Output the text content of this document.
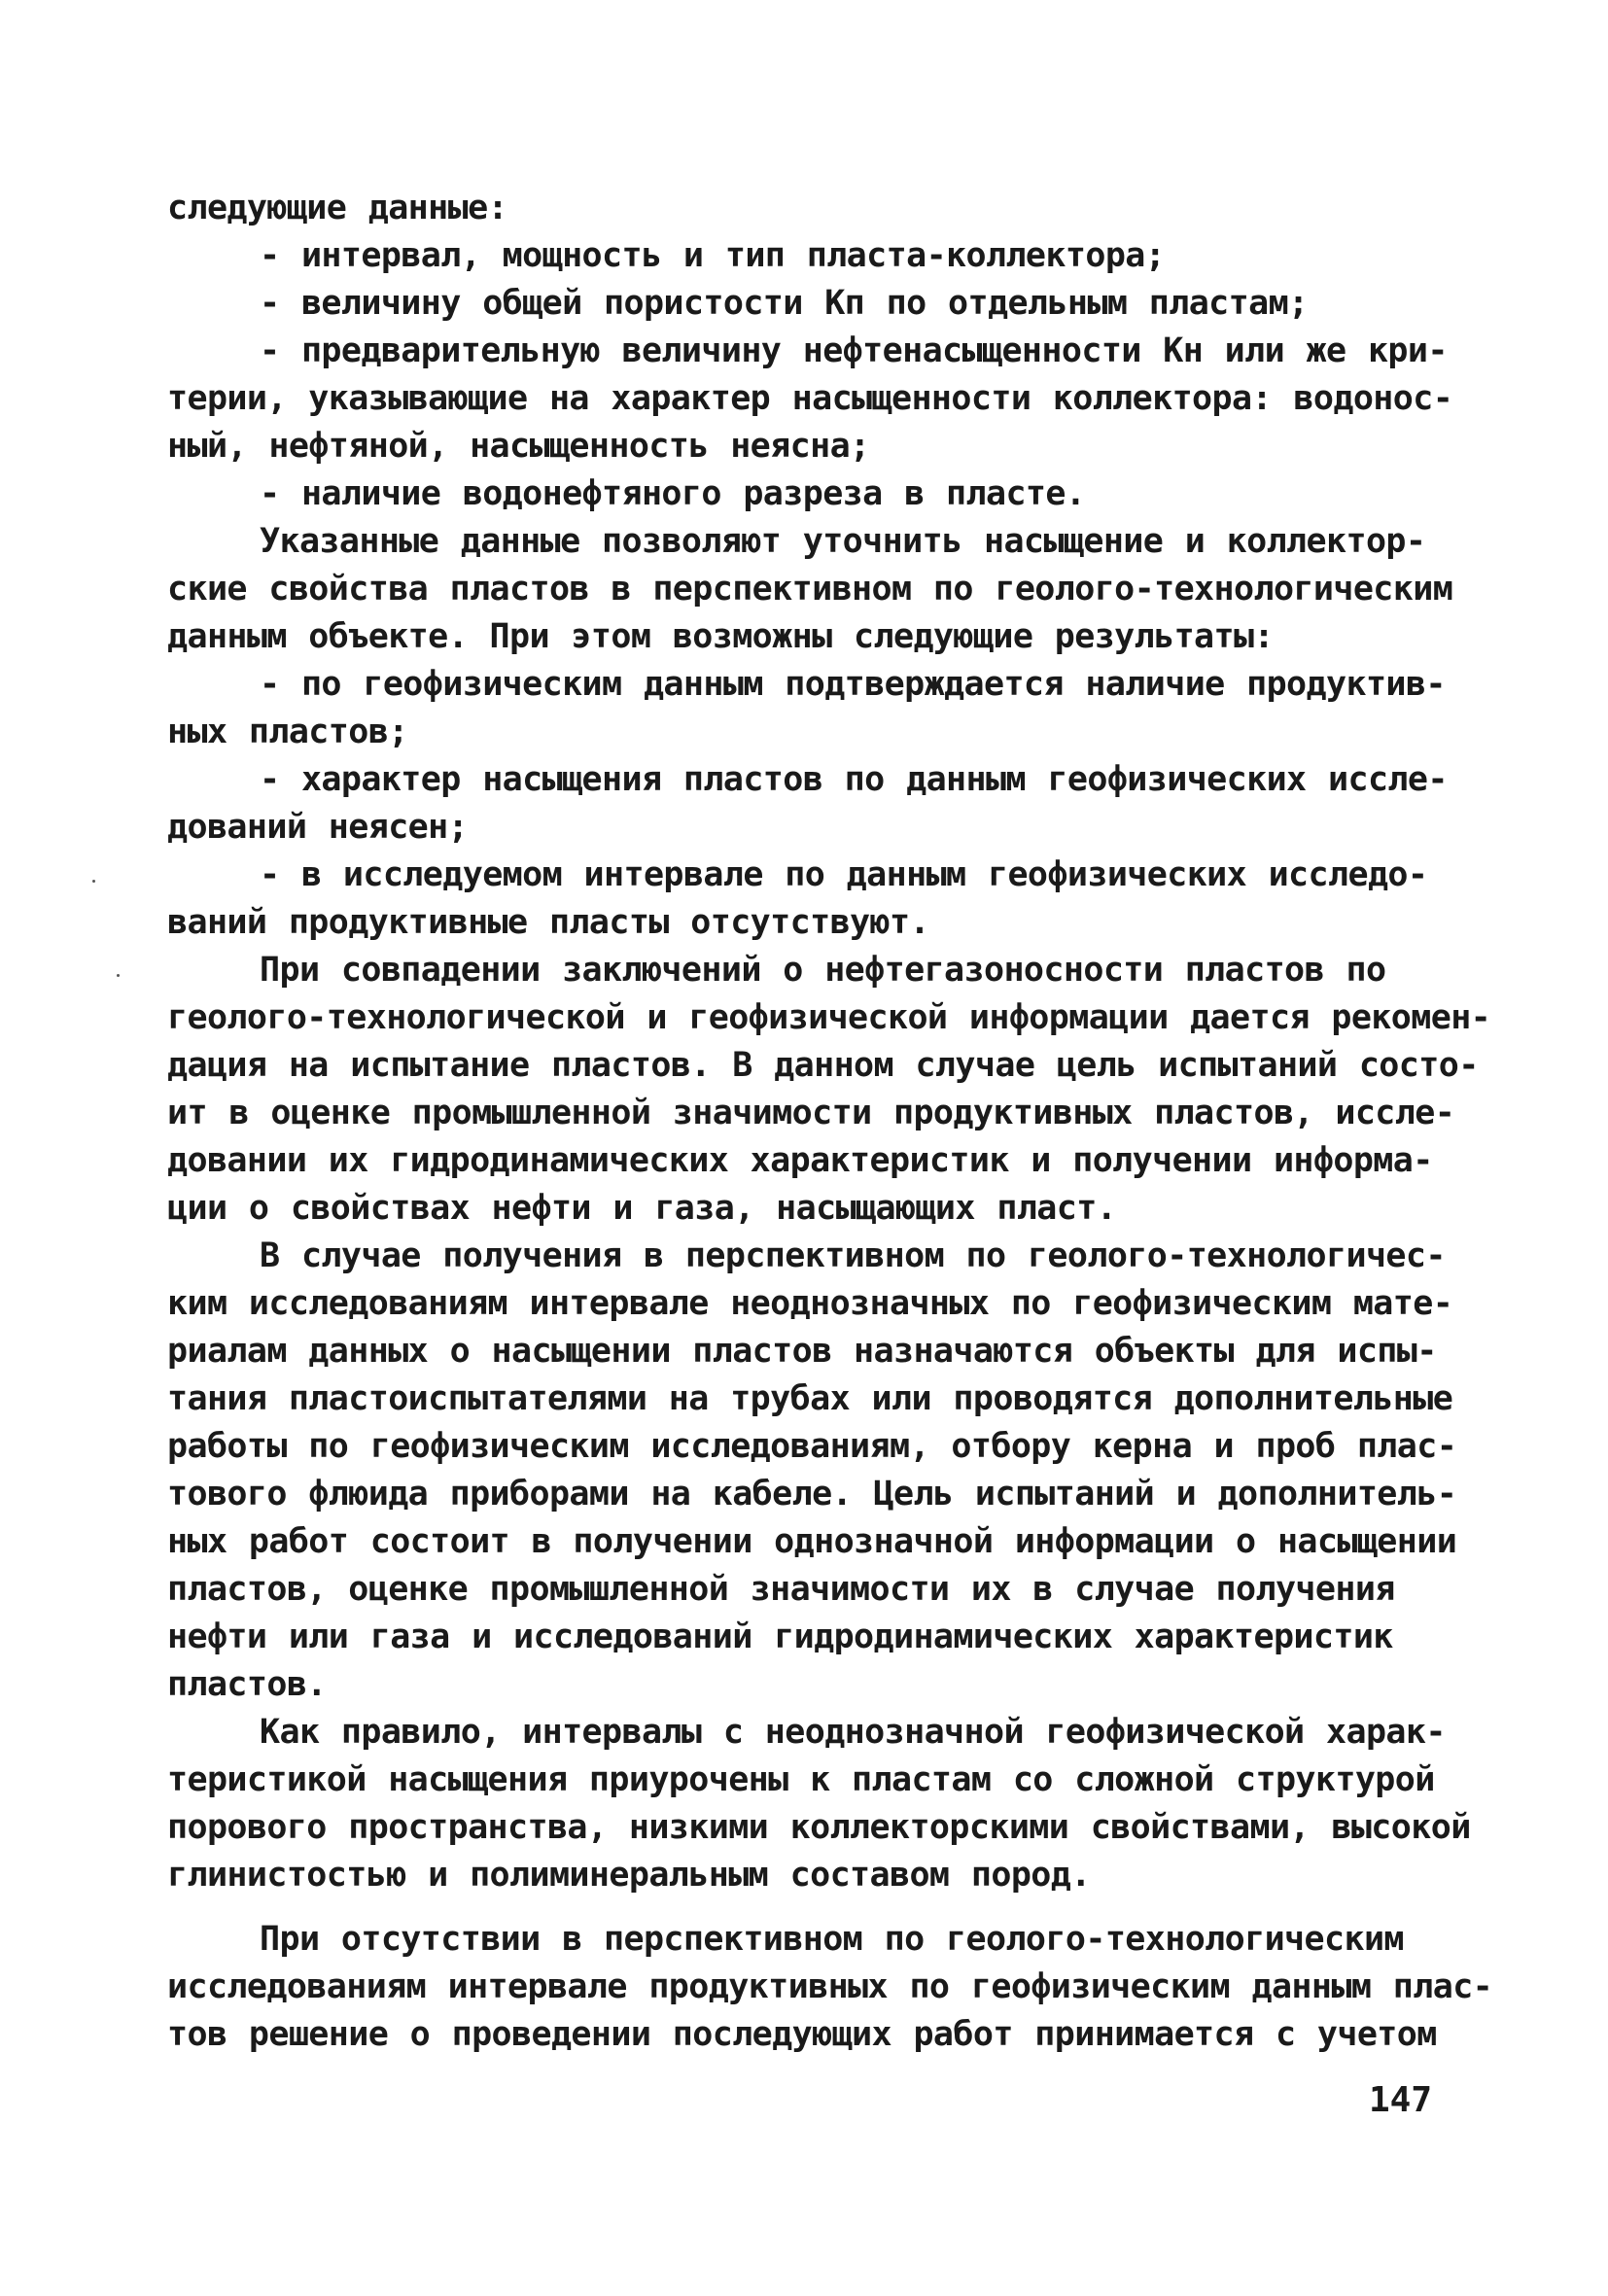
следующие данные:
- интервал, мощность и тип пласта-коллектора;
- величину общей пористости Кп по отдельным пластам;
- предварительную величину нефтенасыщенности Кн или же кри-
терии, указывающие на характер насыщенности коллектора: водонос-
ный, нефтяной, насыщенность неясна;
- наличие водонефтяного разреза в пласте.
Указанные данные позволяют уточнить насыщение и коллектор-
ские свойства пластов в перспективном по геолого-технологическим
данным объекте. При этом возможны следующие результаты:
- по геофизическим данным подтверждается наличие продуктив-
ных пластов;
- характер насыщения пластов по данным геофизических иссле-
дований неясен;
- в исследуемом интервале по данным геофизических исследо-
ваний продуктивные пласты отсутствуют.
При совпадении заключений о нефтегазоносности пластов по
геолого-технологической и геофизической информации дается рекомен-
дация на испытание пластов. В данном случае цель испытаний состо-
ит в оценке промышленной значимости продуктивных пластов, иссле-
довании их гидродинамических характеристик и получении информа-
ции о свойствах нефти и газа, насыщающих пласт.
В случае получения в перспективном по геолого-технологичес-
ким исследованиям интервале неоднозначных по геофизическим мате-
риалам данных о насыщении пластов назначаются объекты для испы-
тания пластоиспытателями на трубах или проводятся дополнительные
работы по геофизическим исследованиям, отбору керна и проб плас-
тового флюида приборами на кабеле. Цель испытаний и дополнитель-
ных работ состоит в получении однозначной информации о насыщении
пластов, оценке промышленной значимости их в случае получения
нефти или газа и исследований гидродинамических характеристик
пластов.
Как правило, интервалы с неоднозначной геофизической харак-
теристикой насыщения приурочены к пластам со сложной структурой
порового пространства, низкими коллекторскими свойствами, высокой
глинистостью и полиминеральным составом пород.
При отсутствии в перспективном по геолого-технологическим
исследованиям интервале продуктивных по геофизическим данным плас-
тов решение о проведении последующих работ принимается с учетом
147
